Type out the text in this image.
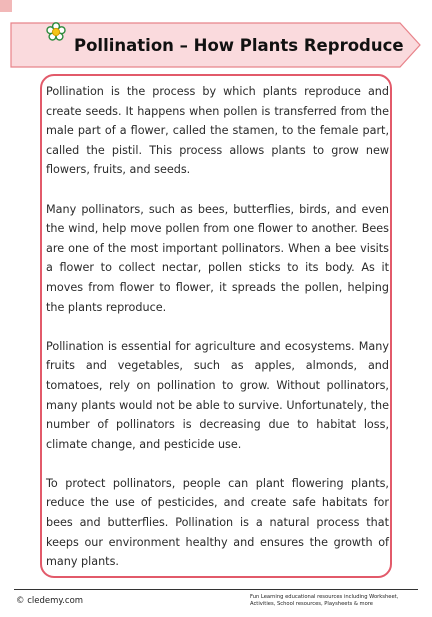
Pollination – How Plants Reproduce

Pollination is the process by which plants reproduce and create seeds. It happens when pollen is transferred from the male part of a flower, called the stamen, to the female part, called the pistil. This process allows plants to grow new flowers, fruits, and seeds.

Many pollinators, such as bees, butterflies, birds, and even the wind, help move pollen from one flower to another. Bees are one of the most important pollinators. When a bee visits a flower to collect nectar, pollen sticks to its body. As it moves from flower to flower, it spreads the pollen, helping the plants reproduce.

Pollination is essential for agriculture and ecosystems. Many fruits and vegetables, such as apples, almonds, and tomatoes, rely on pollination to grow. Without pollinators, many plants would not be able to survive. Unfortunately, the number of pollinators is decreasing due to habitat loss, climate change, and pesticide use.

To protect pollinators, people can plant flowering plants, reduce the use of pesticides, and create safe habitats for bees and butterflies. Pollination is a natural process that keeps our environment healthy and ensures the growth of many plants.

© cledemy.com	Fun Learning educational resources including Worksheet, Activities, School resources, Playsheets & more
